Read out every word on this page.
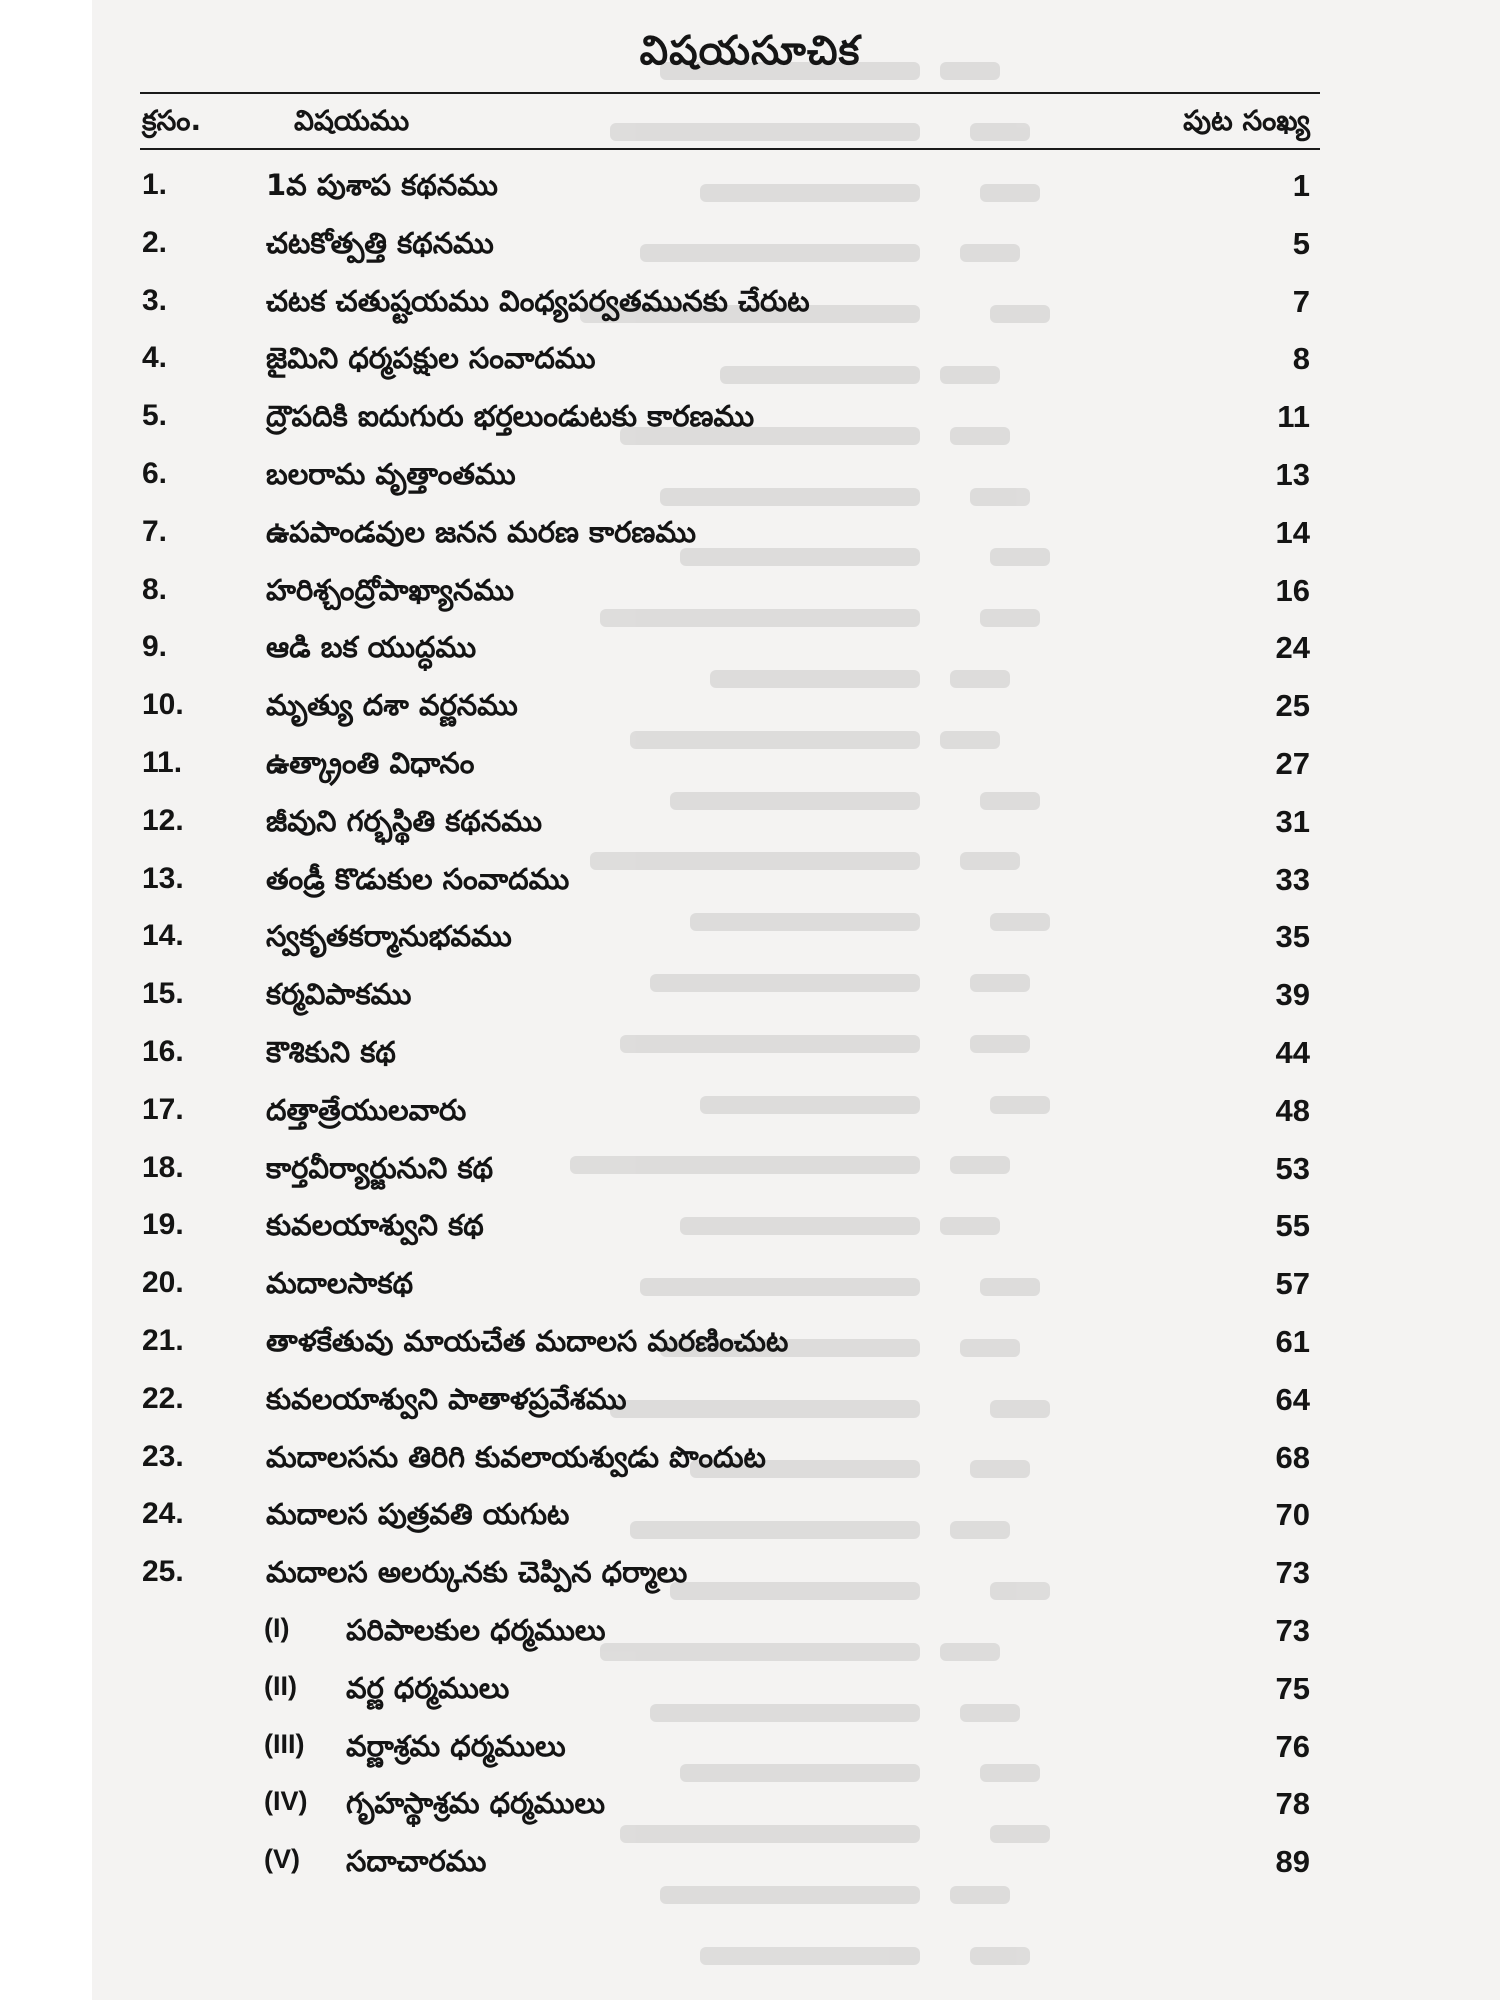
విషయసూచిక
క్రసం.	విషయము	పుట సంఖ్య
1.	1వ పుశాప కథనము	1
2.	చటకోత్పత్తి కథనము	5
3.	చటక చతుష్టయము వింధ్యపర్వతమునకు చేరుట	7
4.	జైమిని ధర్మపక్షుల సంవాదము	8
5.	ద్రౌపదికి ఐదుగురు భర్తలుండుటకు కారణము	11
6.	బలరామ వృత్తాంతము	13
7.	ఉపపాండవుల జనన మరణ కారణము	14
8.	హరిశ్చంద్రోపాఖ్యానము	16
9.	ఆడి బక యుద్ధము	24
10.	మృత్యు దశా వర్ణనము	25
11.	ఉత్క్రాంతి విధానం	27
12.	జీవుని గర్భస్థితి కథనము	31
13.	తండ్రీ కొడుకుల సంవాదము	33
14.	స్వకృతకర్మానుభవము	35
15.	కర్మవిపాకము	39
16.	కౌశికుని కథ	44
17.	దత్తాత్రేయులవారు	48
18.	కార్తవీర్యార్జునుని కథ	53
19.	కువలయాశ్వుని కథ	55
20.	మదాలసాకథ	57
21.	తాళకేతువు మాయచేత మదాలస మరణించుట	61
22.	కువలయాశ్వుని పాతాళప్రవేశము	64
23.	మదాలసను తిరిగి కువలాయశ్వుడు పొందుట	68
24.	మదాలస పుత్రవతి యగుట	70
25.	మదాలస అలర్కునకు చెప్పిన ధర్మాలు	73
(I) పరిపాలకుల ధర్మములు	73
(II) వర్ణ ధర్మములు	75
(III) వర్ణాశ్రమ ధర్మములు	76
(IV) గృహస్థాశ్రమ ధర్మములు	78
(V) సదాచారము	89
